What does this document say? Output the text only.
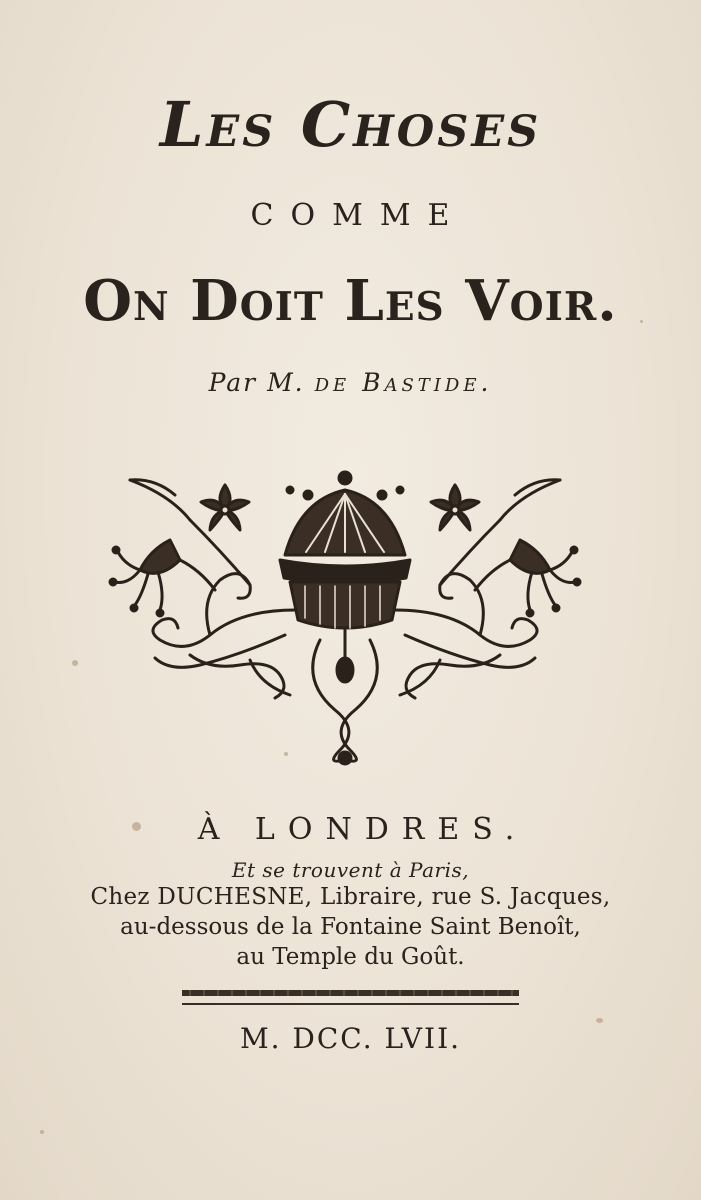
Les Choses
COMME
On Doit Les Voir.
Par M. de Bastide.
À LONDRES.
Et se trouvent à Paris,
Chez DUCHESNE, Libraire, rue S. Jacques,
au-dessous de la Fontaine Saint Benoît,
au Temple du Goût.
M. DCC. LVII.
